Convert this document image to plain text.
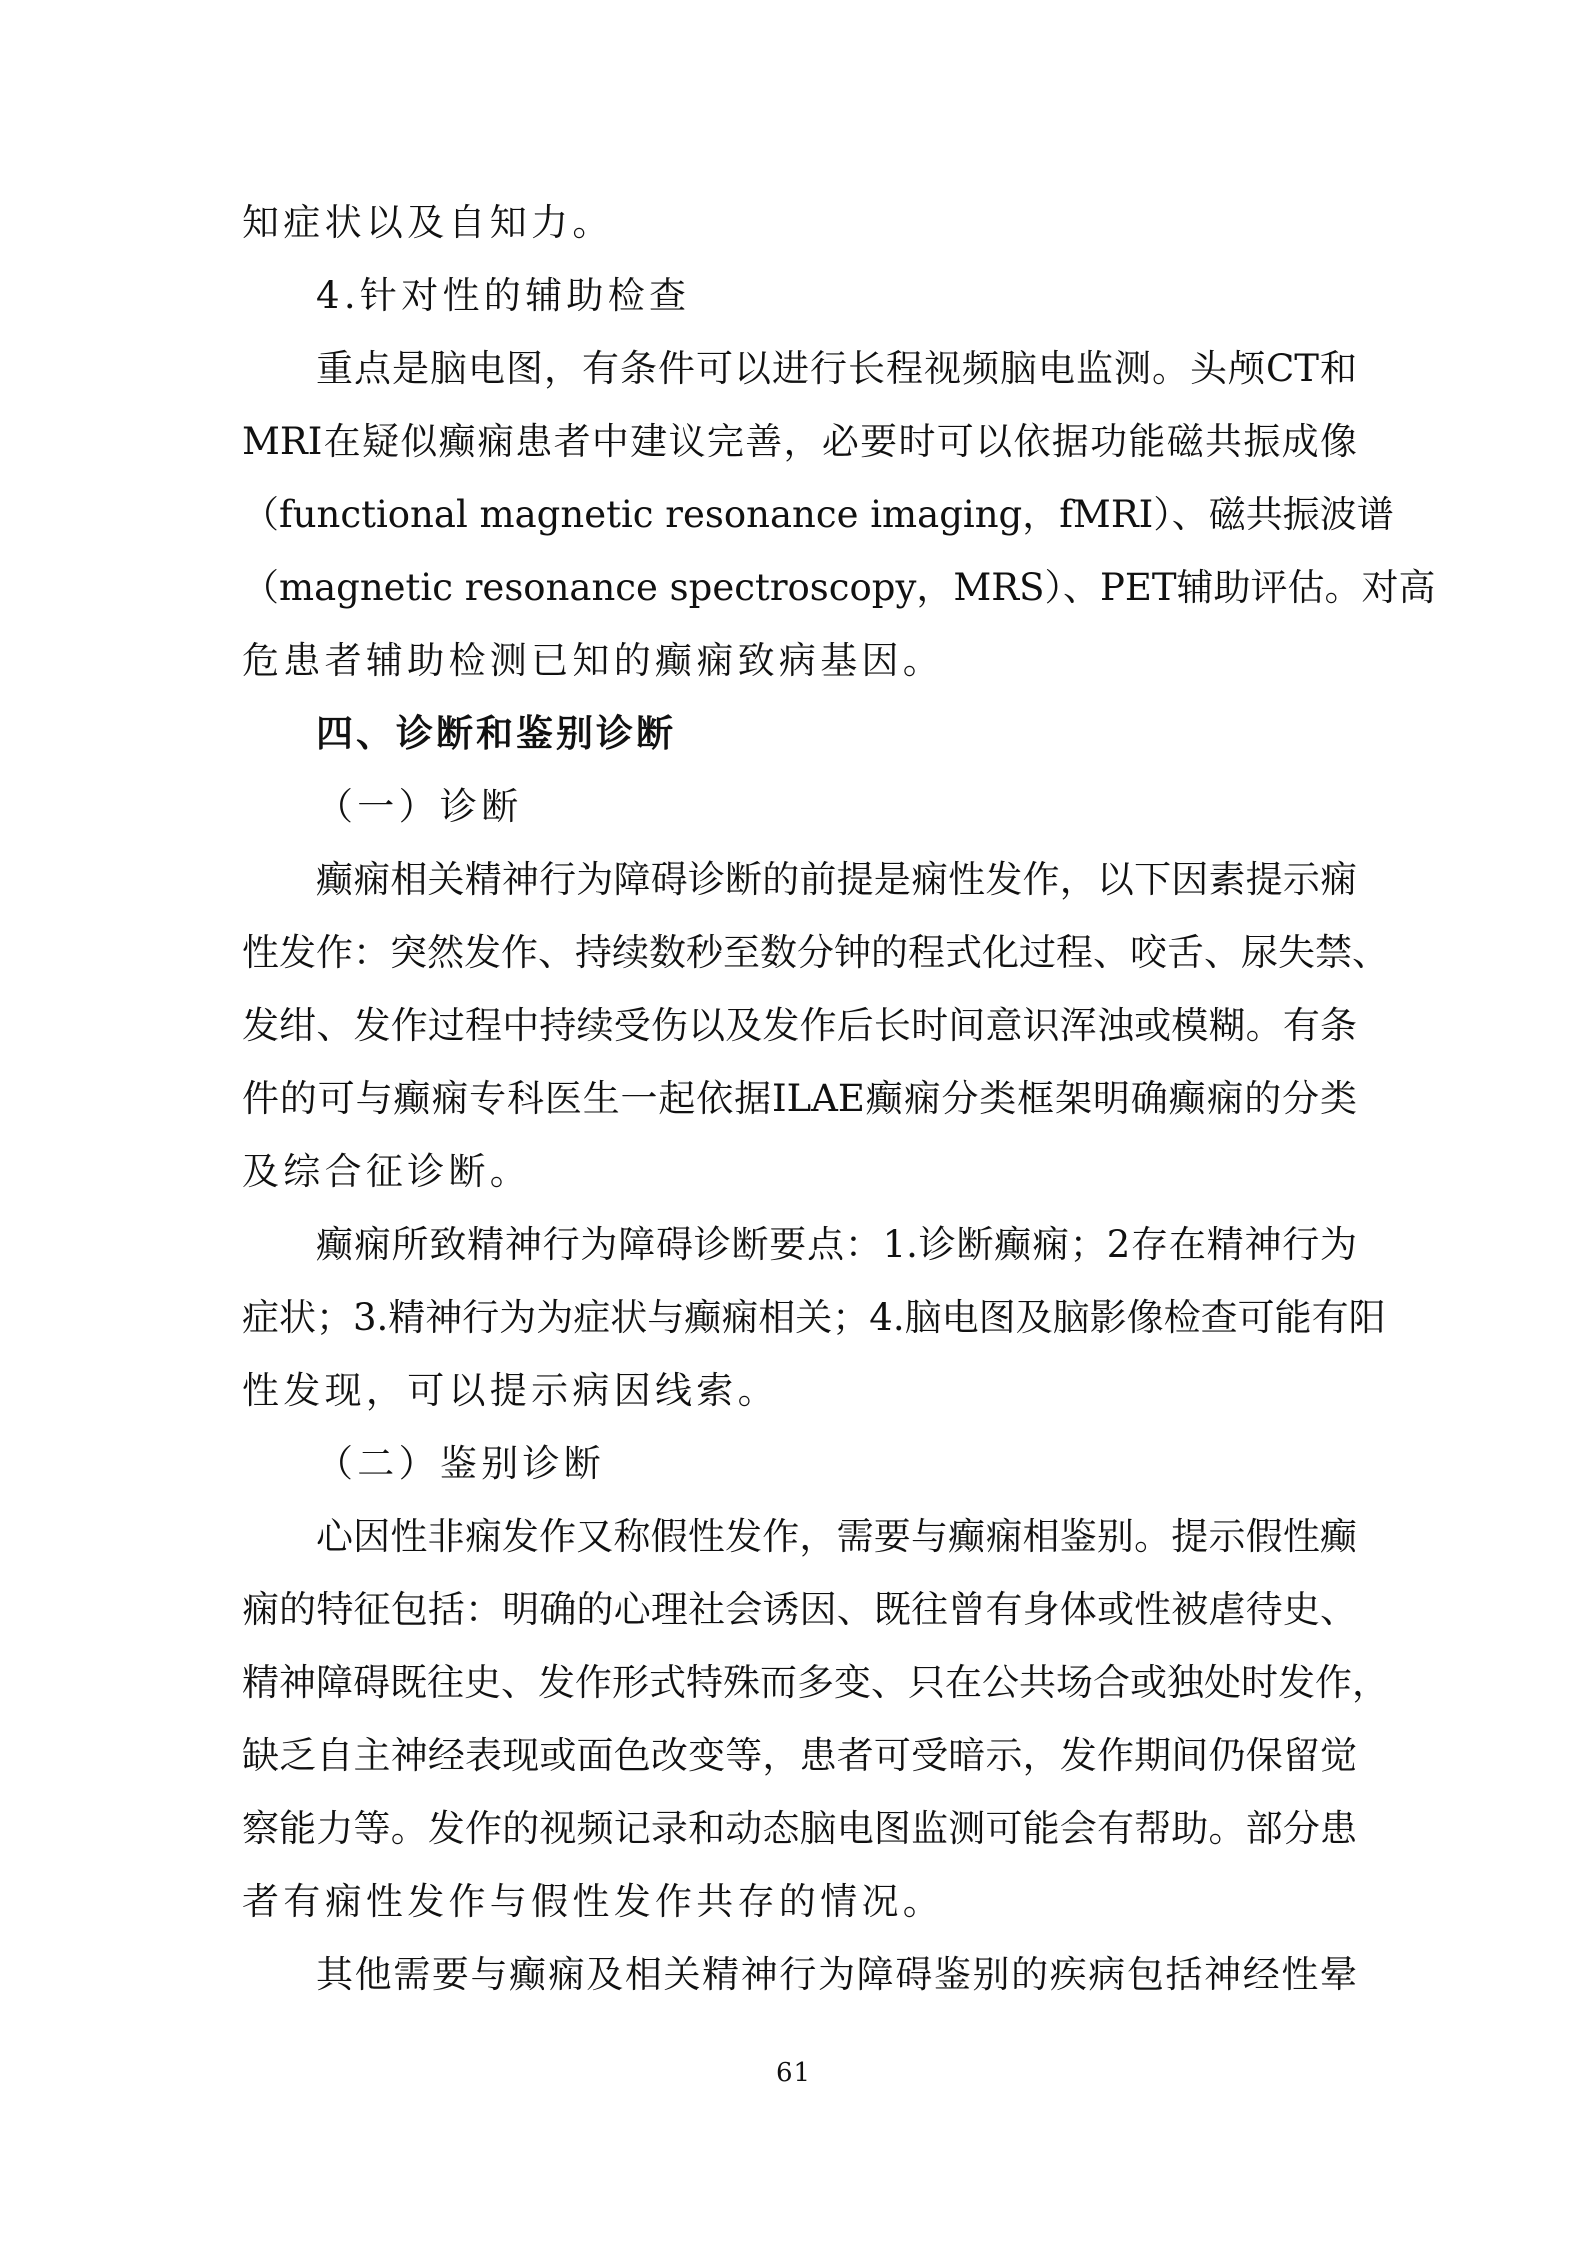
知症状以及自知力。
4.针对性的辅助检查
重点是脑电图，有条件可以进行长程视频脑电监测。头颅CT和
MRI在疑似癫痫患者中建议完善，必要时可以依据功能磁共振成像
（functional magnetic resonance imaging，fMRI）、磁共振波谱
（magnetic resonance spectroscopy，MRS）、PET辅助评估。对高
危患者辅助检测已知的癫痫致病基因。
四、诊断和鉴别诊断
（一）诊断
癫痫相关精神行为障碍诊断的前提是痫性发作，以下因素提示痫
性发作：突然发作、持续数秒至数分钟的程式化过程、咬舌、尿失禁、
发绀、发作过程中持续受伤以及发作后长时间意识浑浊或模糊。有条
件的可与癫痫专科医生一起依据ILAE癫痫分类框架明确癫痫的分类
及综合征诊断。
癫痫所致精神行为障碍诊断要点：1.诊断癫痫；2存在精神行为
症状；3.精神行为为症状与癫痫相关；4.脑电图及脑影像检查可能有阳
性发现，可以提示病因线索。
（二）鉴别诊断
心因性非痫发作又称假性发作，需要与癫痫相鉴别。提示假性癫
痫的特征包括：明确的心理社会诱因、既往曾有身体或性被虐待史、
精神障碍既往史、发作形式特殊而多变、只在公共场合或独处时发作，
缺乏自主神经表现或面色改变等，患者可受暗示，发作期间仍保留觉
察能力等。发作的视频记录和动态脑电图监测可能会有帮助。部分患
者有痫性发作与假性发作共存的情况。
其他需要与癫痫及相关精神行为障碍鉴别的疾病包括神经性晕
61
